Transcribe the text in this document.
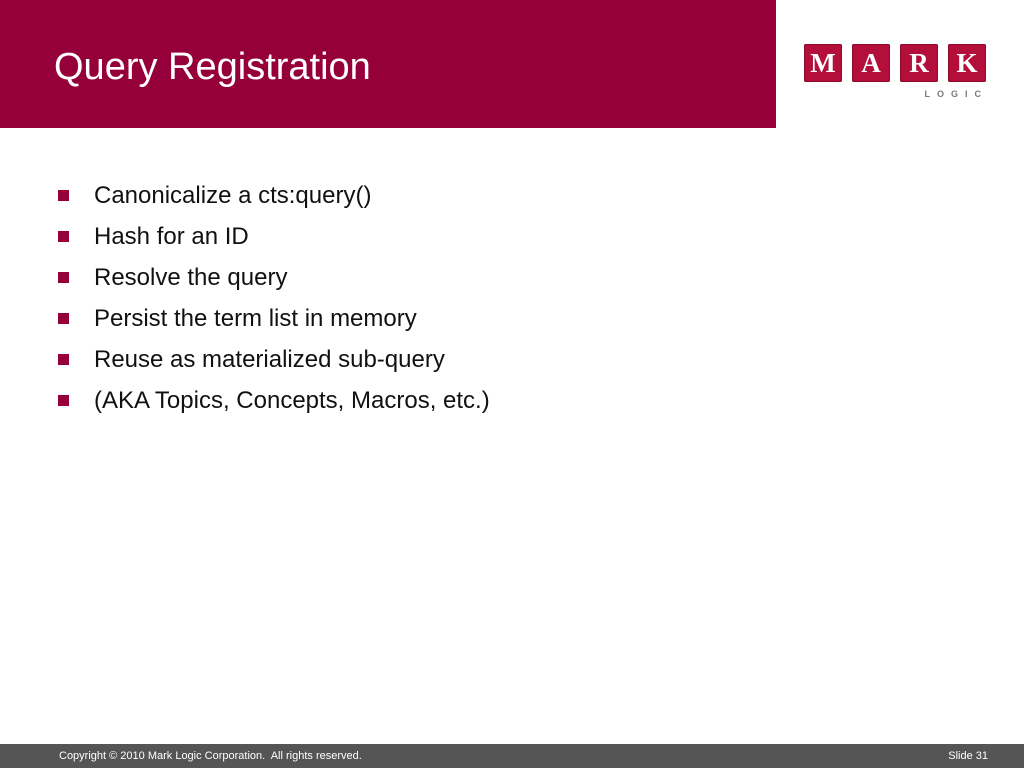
Query Registration	M A	R	K
LOGIC
Canonicalize a cts:query()
Hash for an ID
Resolve the query
Persist the term list in memory
Reuse as materialized sub-query
(AKA Topics, Concepts, Macros, etc.)
Copyright © 2010 Mark Logic Corporation.  All rights reserved.	Slide 31
